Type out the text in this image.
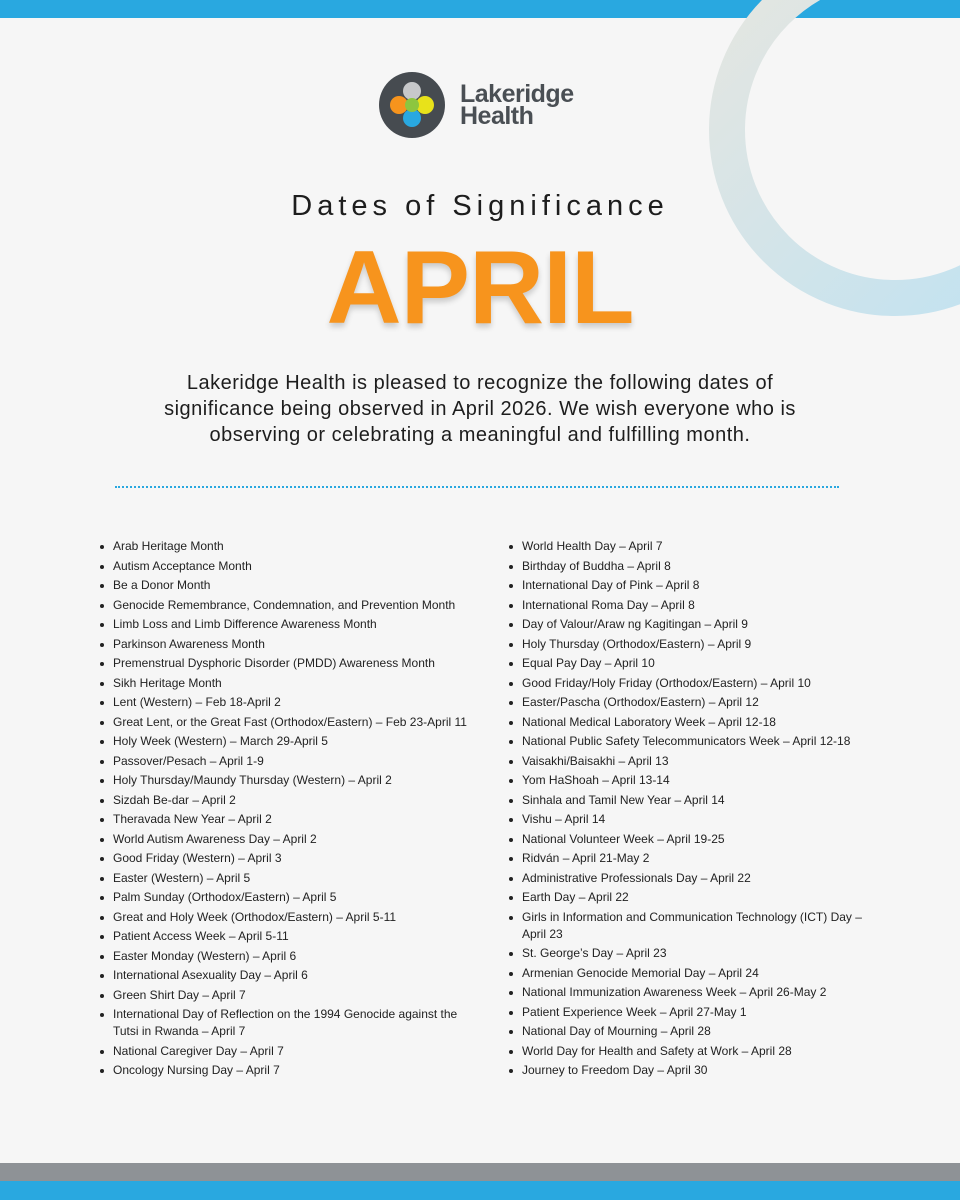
Lakeridge
Health
Dates of Significance
APRIL
Lakeridge Health is pleased to recognize the following dates of
significance being observed in April 2026. We wish everyone who is
observing or celebrating a meaningful and fulfilling month.
Arab Heritage Month
Autism Acceptance Month
Be a Donor Month
Genocide Remembrance, Condemnation, and Prevention Month
Limb Loss and Limb Difference Awareness Month
Parkinson Awareness Month
Premenstrual Dysphoric Disorder (PMDD) Awareness Month
Sikh Heritage Month
Lent (Western) – Feb 18-April 2
Great Lent, or the Great Fast (Orthodox/Eastern) – Feb 23-April 11
Holy Week (Western) – March 29-April 5
Passover/Pesach – April 1-9
Holy Thursday/Maundy Thursday (Western) – April 2
Sizdah Be-dar – April 2
Theravada New Year – April 2
World Autism Awareness Day – April 2
Good Friday (Western) – April 3
Easter (Western) – April 5
Palm Sunday (Orthodox/Eastern) – April 5
Great and Holy Week (Orthodox/Eastern) – April 5-11
Patient Access Week – April 5-11
Easter Monday (Western) – April 6
International Asexuality Day – April 6
Green Shirt Day – April 7
International Day of Reflection on the 1994 Genocide against the Tutsi in Rwanda – April 7
National Caregiver Day – April 7
Oncology Nursing Day – April 7
World Health Day – April 7
Birthday of Buddha – April 8
International Day of Pink – April 8
International Roma Day – April 8
Day of Valour/Araw ng Kagitingan – April 9
Holy Thursday (Orthodox/Eastern) – April 9
Equal Pay Day – April 10
Good Friday/Holy Friday (Orthodox/Eastern) – April 10
Easter/Pascha (Orthodox/Eastern) – April 12
National Medical Laboratory Week – April 12-18
National Public Safety Telecommunicators Week – April 12-18
Vaisakhi/Baisakhi – April 13
Yom HaShoah – April 13-14
Sinhala and Tamil New Year – April 14
Vishu – April 14
National Volunteer Week – April 19-25
Ridván – April 21-May 2
Administrative Professionals Day – April 22
Earth Day – April 22
Girls in Information and Communication Technology (ICT) Day – April 23
St. George’s Day – April 23
Armenian Genocide Memorial Day – April 24
National Immunization Awareness Week – April 26-May 2
Patient Experience Week – April 27-May 1
National Day of Mourning – April 28
World Day for Health and Safety at Work – April 28
Journey to Freedom Day – April 30
